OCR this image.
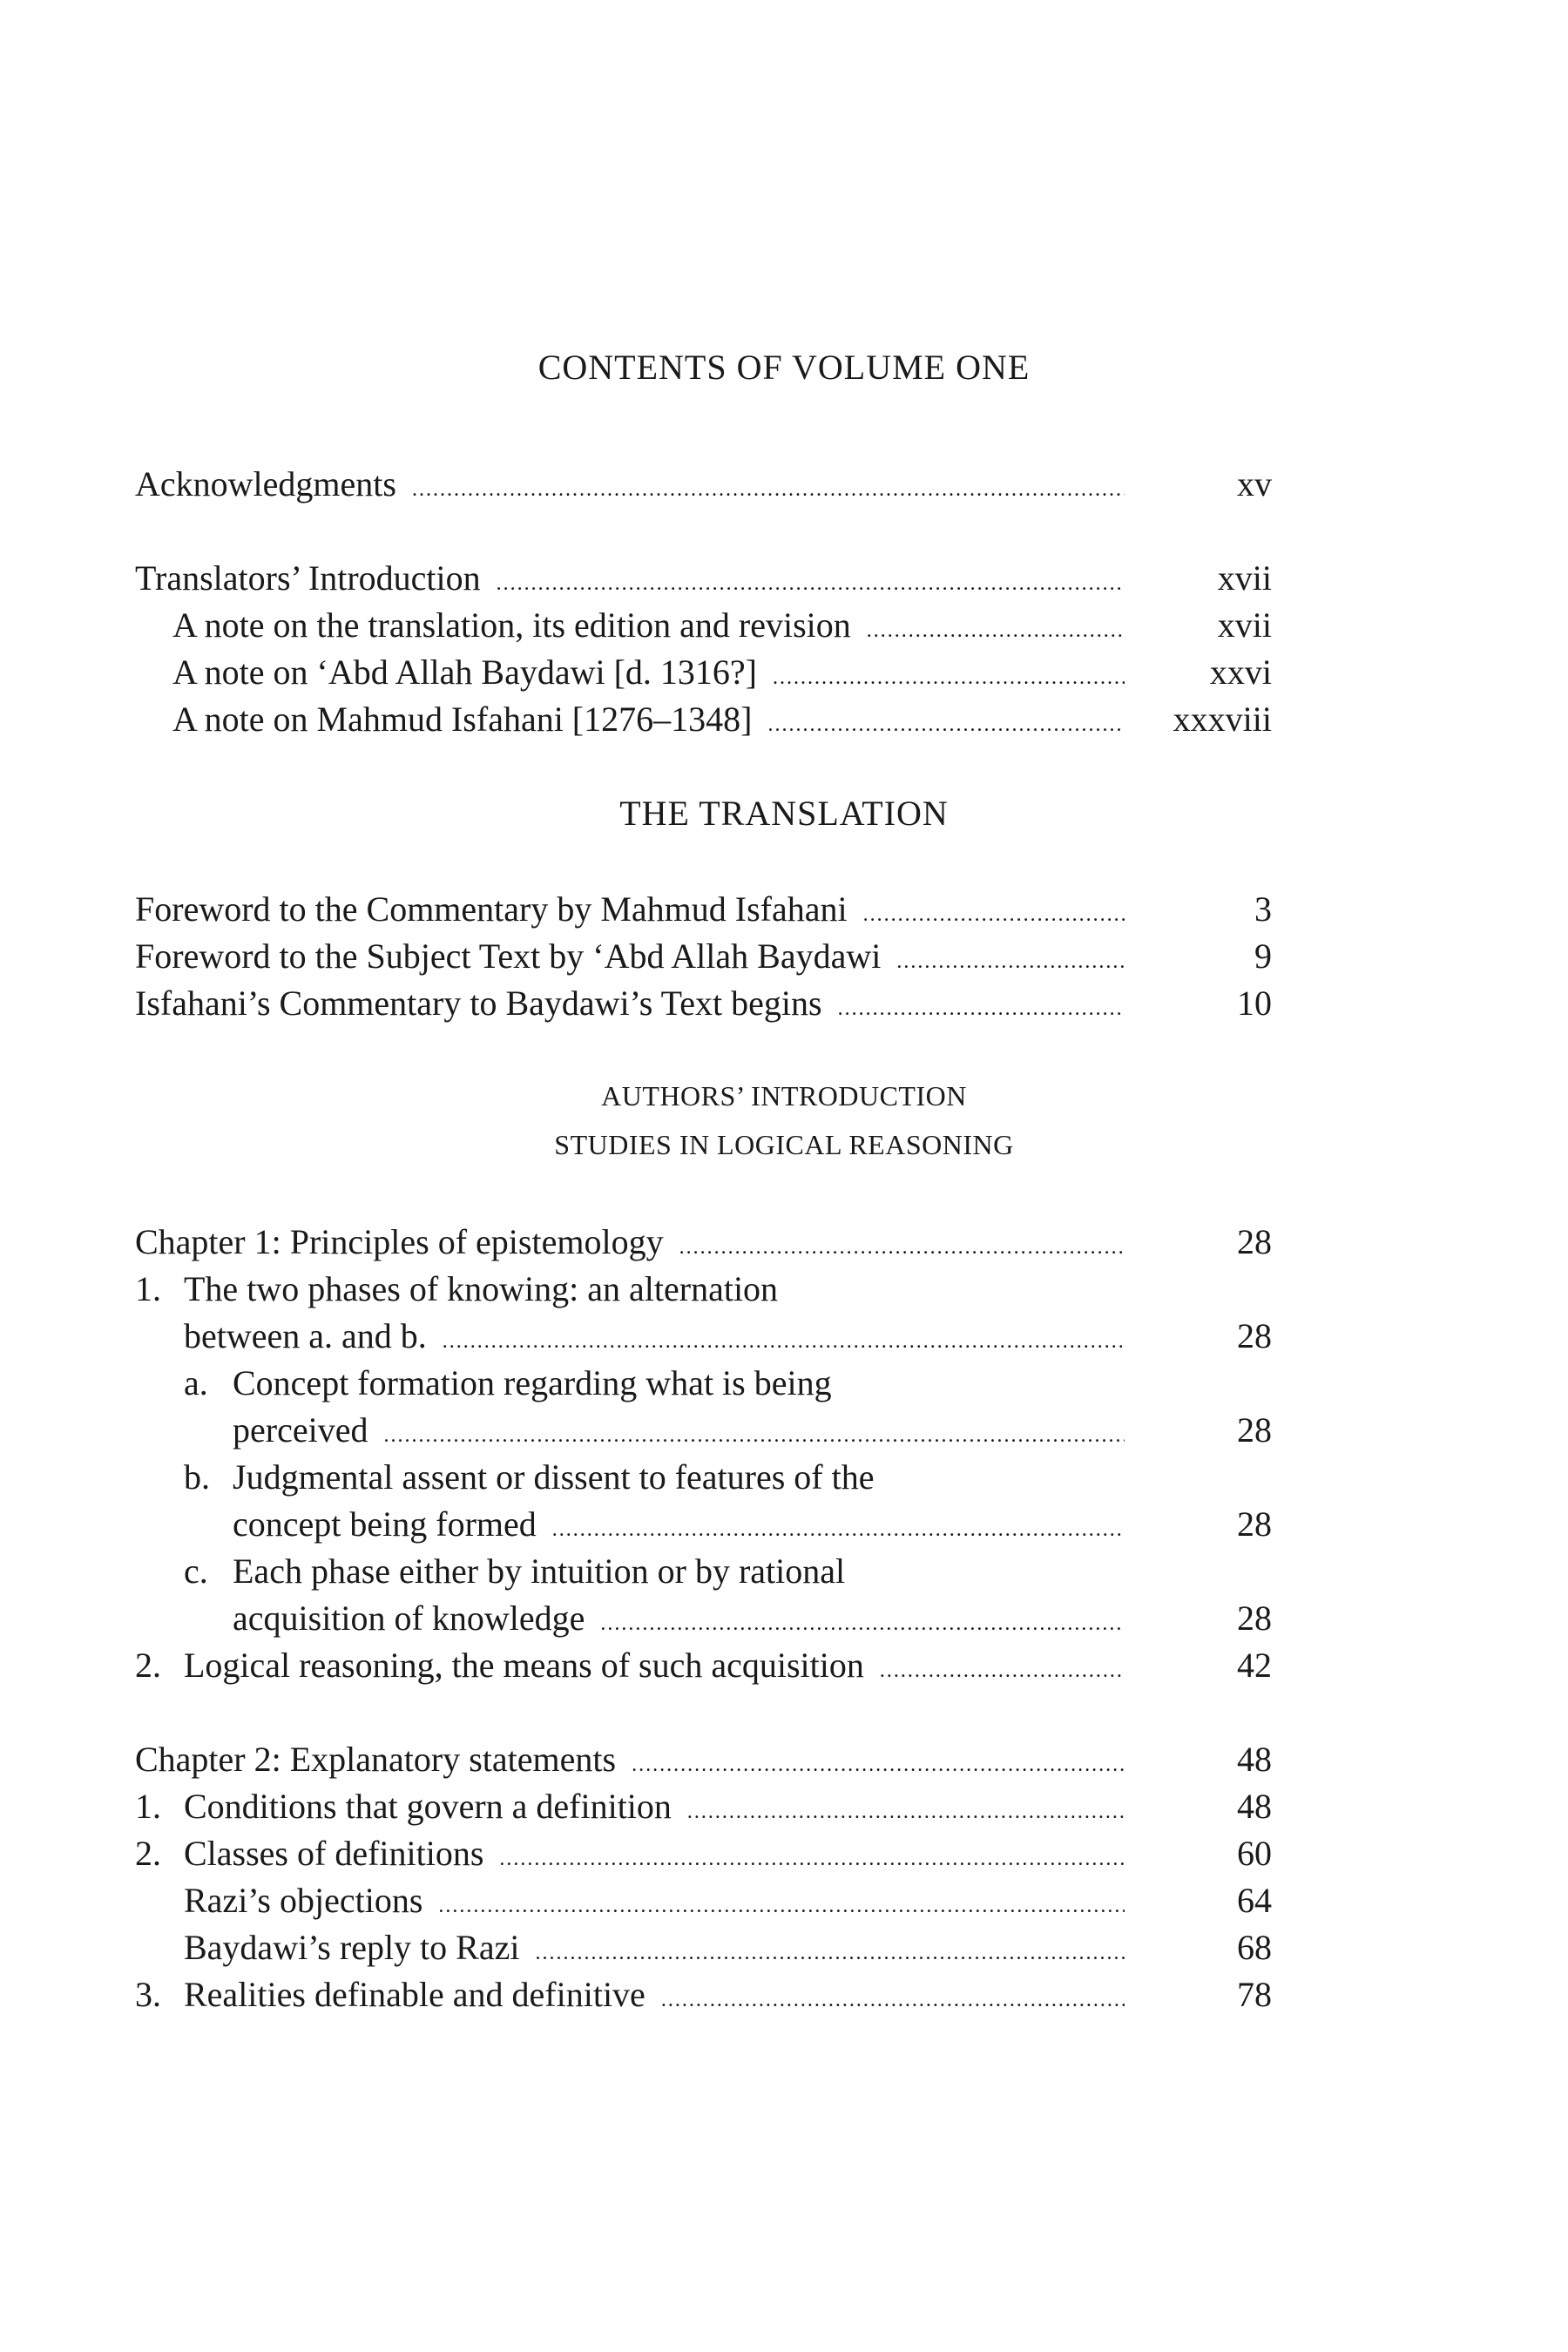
CONTENTS OF VOLUME ONE
Acknowledgments .....	xv
Translators’ Introduction .....	xvii
A note on the translation, its edition and revision .....	xvii
A note on ‘Abd Allah Baydawi [d. 1316?] .....	xxvi
A note on Mahmud Isfahani [1276–1348] .....	xxxviii
THE TRANSLATION
Foreword to the Commentary by Mahmud Isfahani .....	3
Foreword to the Subject Text by ‘Abd Allah Baydawi .....	9
Isfahani’s Commentary to Baydawi’s Text begins .....	10
AUTHORS’ INTRODUCTION
STUDIES IN LOGICAL REASONING
Chapter 1: Principles of epistemology .....	28
1. The two phases of knowing: an alternation
between a. and b. .....	28
a. Concept formation regarding what is being
perceived .....	28
b. Judgmental assent or dissent to features of the
concept being formed .....	28
c. Each phase either by intuition or by rational
acquisition of knowledge .....	28
2. Logical reasoning, the means of such acquisition .....	42
Chapter 2: Explanatory statements .....	48
1. Conditions that govern a definition .....	48
2. Classes of definitions .....	60
Razi’s objections .....	64
Baydawi’s reply to Razi .....	68
3. Realities definable and definitive .....	78
